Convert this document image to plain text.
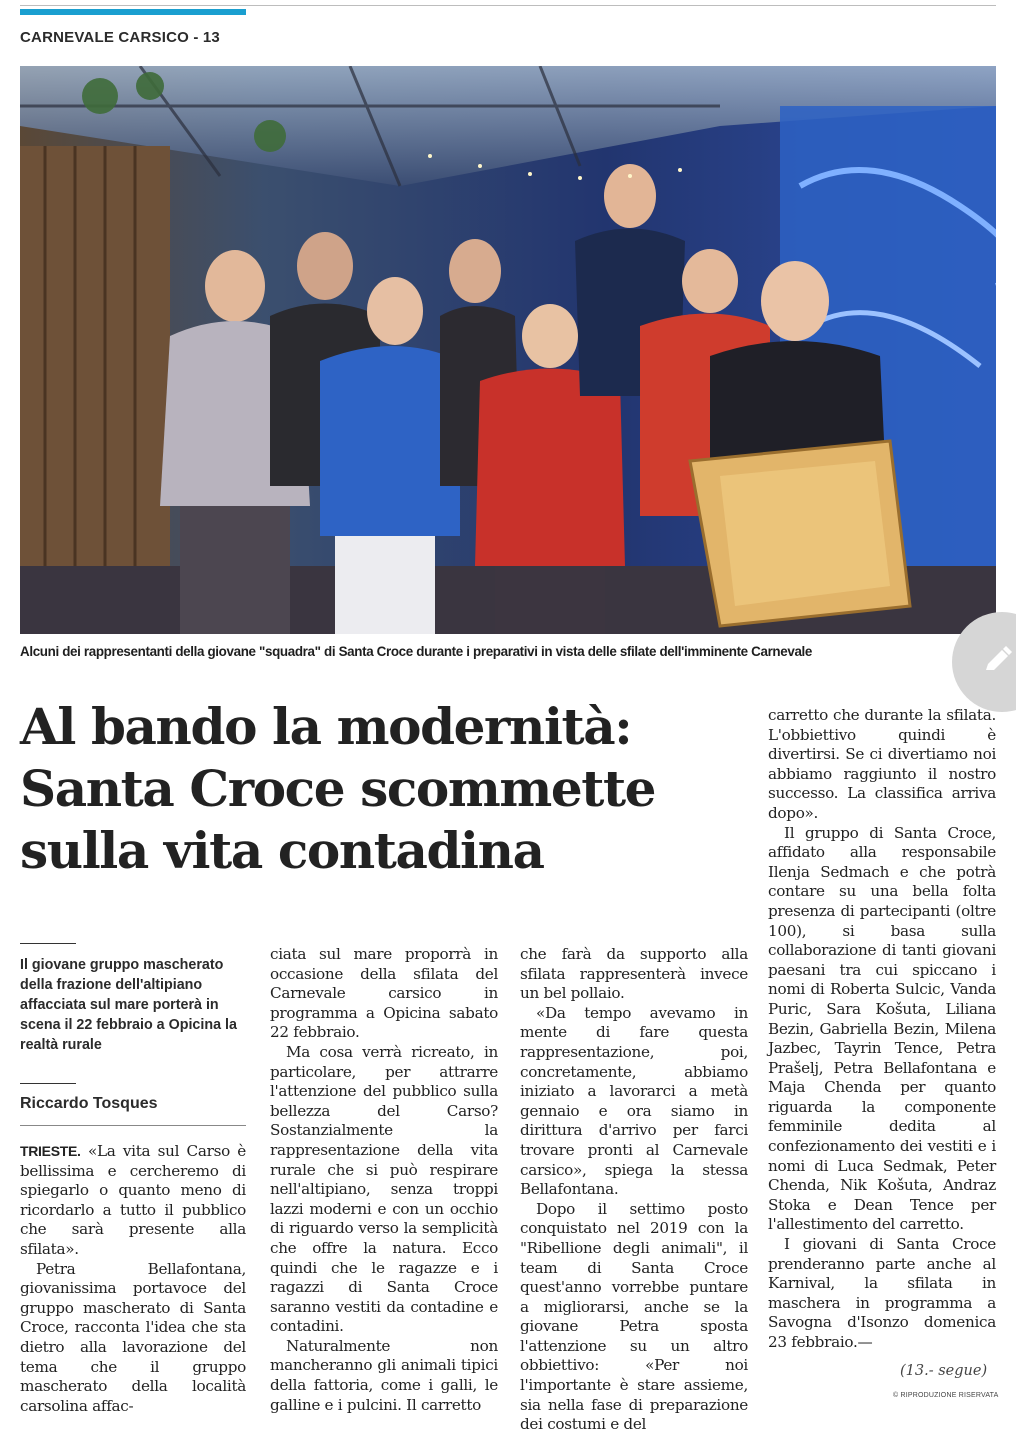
CARNEVALE CARSICO - 13
Alcuni dei rappresentanti della giovane "squadra" di Santa Croce durante i preparativi in vista delle sfilate dell'imminente Carnevale
Al bando la modernità:
Santa Croce scommette
sulla vita contadina
Il giovane gruppo mascherato della frazione dell'altipiano affacciata sul mare porterà in scena il 22 febbraio a Opicina la realtà rurale
Riccardo Tosques

TRIESTE. «La vita sul Carso è bellissima e cercheremo di spiegarlo o quanto meno di ricordarlo a tutto il pubblico che sarà presente alla sfilata».

Petra Bellafontana, giovanissima portavoce del gruppo mascherato di Santa Croce, racconta l'idea che sta dietro alla lavorazione del tema che il gruppo mascherato della località carsolina affac-

ciata sul mare proporrà in occasione della sfilata del Carnevale carsico in programma a Opicina sabato 22 febbraio.

Ma cosa verrà ricreato, in particolare, per attrarre l'attenzione del pubblico sulla bellezza del Carso? Sostanzialmente la rappresentazione della vita rurale che si può respirare nell'altipiano, senza troppi lazzi moderni e con un occhio di riguardo verso la semplicità che offre la natura. Ecco quindi che le ragazze e i ragazzi di Santa Croce saranno vestiti da contadine e contadini.

Naturalmente non mancheranno gli animali tipici della fattoria, come i galli, le galline e i pulcini. Il carretto

che farà da supporto alla sfilata rappresenterà invece un bel pollaio.

«Da tempo avevamo in mente di fare questa rappresentazione, poi, concretamente, abbiamo iniziato a lavorarci a metà gennaio e ora siamo in dirittura d'arrivo per farci trovare pronti al Carnevale carsico», spiega la stessa Bellafontana.

Dopo il settimo posto conquistato nel 2019 con la "Ribellione degli animali", il team di Santa Croce quest'anno vorrebbe puntare a migliorarsi, anche se la giovane Petra sposta l'attenzione su un altro obbiettivo: «Per noi l'importante è stare assieme, sia nella fase di preparazione dei costumi e del

carretto che durante la sfilata. L'obbiettivo quindi è divertirsi. Se ci divertiamo noi abbiamo raggiunto il nostro successo. La classifica arriva dopo».

Il gruppo di Santa Croce, affidato alla responsabile Ilenja Sedmach e che potrà contare su una bella folta presenza di partecipanti (oltre 100), si basa sulla collaborazione di tanti giovani paesani tra cui spiccano i nomi di Roberta Sulcic, Vanda Puric, Sara Košuta, Liliana Bezin, Gabriella Bezin, Milena Jazbec, Tayrin Tence, Petra Prašelj, Petra Bellafontana e Maja Chenda per quanto riguarda la componente femminile dedita al confezionamento dei vestiti e i nomi di Luca Sedmak, Peter Chenda, Nik Košuta, Andraz Stoka e Dean Tence per l'allestimento del carretto.

I giovani di Santa Croce prenderanno parte anche al Karnival, la sfilata in maschera in programma a Savogna d'Isonzo domenica 23 febbraio.—

(13.- segue)
© RIPRODUZIONE RISERVATA
